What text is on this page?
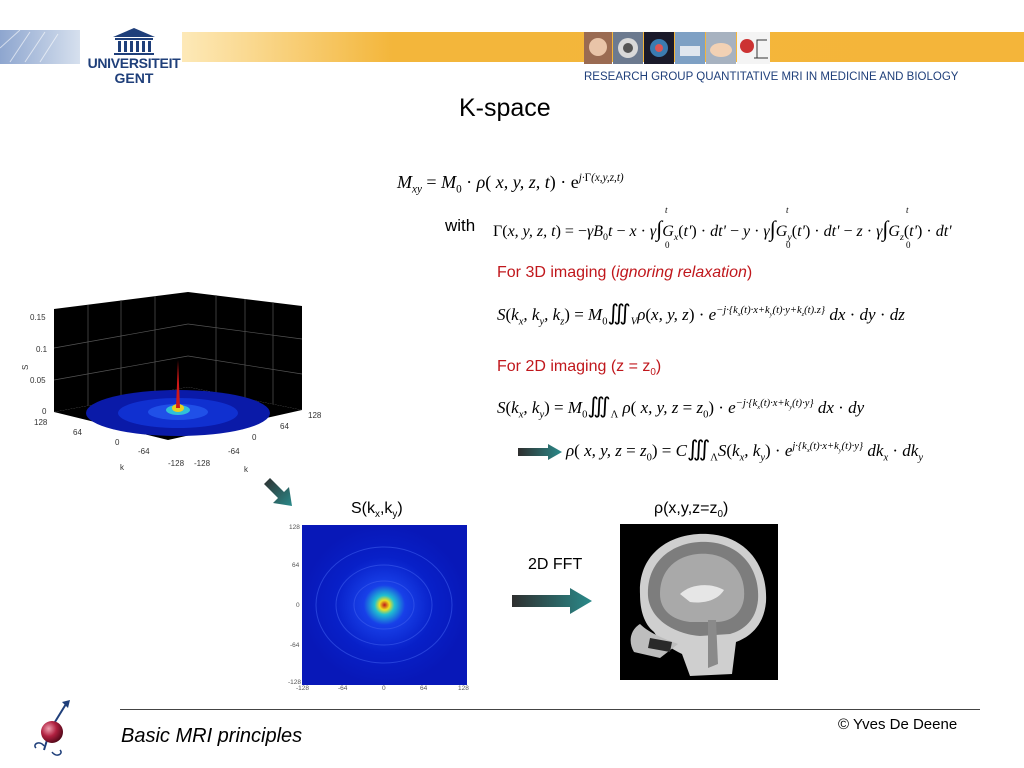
UNIVERSITEIT
GENT	RESEARCH GROUP QUANTITATIVE MRI IN MEDICINE AND BIOLOGY
K-space
$M_{xy} = M_0 \cdot \rho$( x, y, z, $t) \cdot e^{j\cdot\Gamma(x,y,z,t)}$
with Γ(x, y, z, $t) = -\gamma B_0t - x \cdot \gamma\int G_x(t') \cdot dt' - y \cdot \gamma\int G_y(t') \cdot dt' - z \cdot \gamma\int G_z(t') \cdot dt'$
t
0
t
0
t
0
For 3D imaging (ignoring relaxation)
$S(k_x$, $k_y$, $k_z$) = $M_0∭_V\rho(x$, y, $z) \cdot e^{-j\cdot\{k_x(t)\cdot x+k_y(t)\cdot y+k_z(t).z\}}$ dx · dy · dz
For 2D imaging $(z = z_0)$
$S(k_x$, $k_y$) = $M_0∭_\Lambda$ ρ( x, y, $z = z_0) \cdot e^{-j\cdot\{k_x(t)\cdot x+k_y(t)\cdot y\}}$ dx · dy
ρ( x, y, $z = z_0$) = $C∭_\Lambda S(k_x$, $k_y) \cdot e^{j\cdot\{k_x(t)\cdot x+k_y(t)\cdot y\}}$ $dk_x \cdot dk_y$
0.15
0.1
0.05
0
128
64
0
-64
-128 -128
-64
0
64
128
S
k	k
$S(k_x,k_y)$
128
64
0
-64
-128
-128	-64	0	64	128
2D FFT
$\rho(x,y,z=z_0)$
Basic MRI principles
© Yves De Deene
